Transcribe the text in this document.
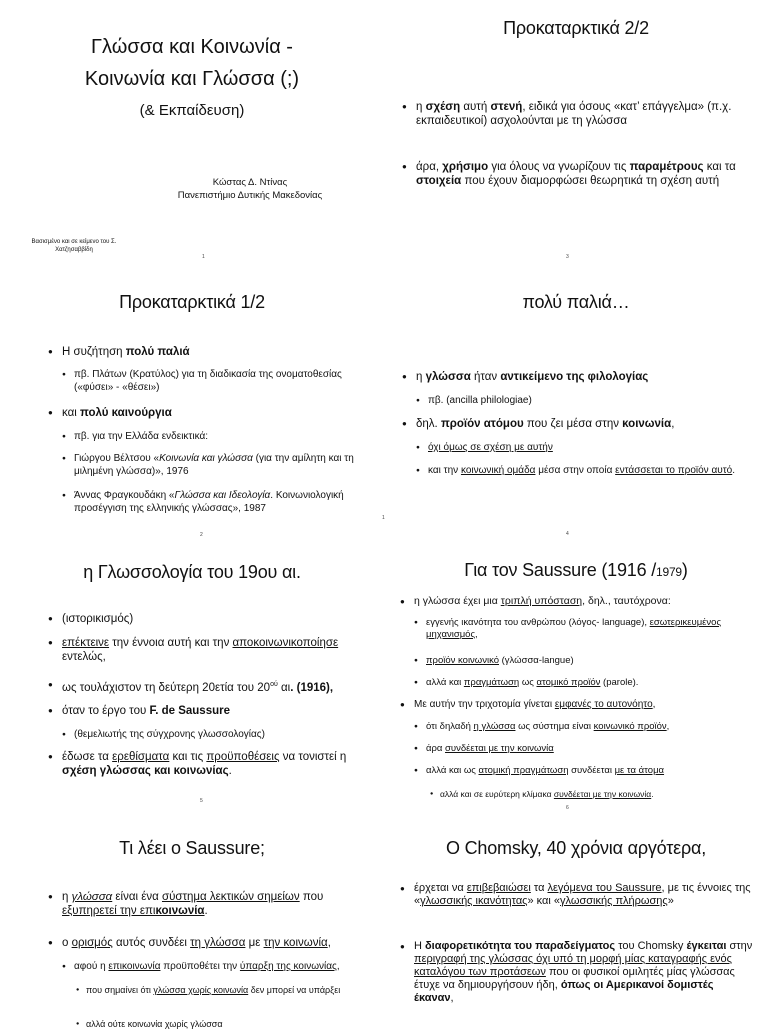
Γλώσσα και Κοινωνία -
Κοινωνία και Γλώσσα (;)
(& Εκπαίδευση)
Κώστας Δ. Ντίνας
Πανεπιστήμιο Δυτικής Μακεδονίας
Βασισμένο και σε κείμενο του Σ.
Χατζησαββίδη
1
Προκαταρκτικά 2/2
● η σχέση αυτή στενή, ειδικά για όσους «κατ’ επάγγελμα» (π.χ. εκπαιδευτικοί) ασχολούνται με τη γλώσσα
● άρα, χρήσιμο για όλους να γνωρίζουν τις παραμέτρους και τα στοιχεία που έχουν διαμορφώσει θεωρητικά τη σχέση αυτή
3
Προκαταρκτικά 1/2
● Η συζήτηση πολύ παλιά
● πβ. Πλάτων (Κρατύλος) για τη διαδικασία της ονοματοθεσίας («φύσει» - «θέσει»)
● και πολύ καινούργια
● πβ. για την Ελλάδα ενδεικτικά:
● Γιώργου Βέλτσου «Κοινωνία και γλώσσα (για την αμίλητη και τη μιλημένη γλώσσα)», 1976
● Άννας Φραγκουδάκη «Γλώσσα και Ιδεολογία. Κοινωνιολογική προσέγγιση της ελληνικής γλώσσας», 1987
1
2
πολύ παλιά…
● η γλώσσα ήταν αντικείμενο της φιλολογίας
● πβ. (ancilla philologiae)
● δηλ. προϊόν ατόμου που ζει μέσα στην κοινωνία,
● όχι όμως σε σχέση με αυτήν
● και την κοινωνική ομάδα μέσα στην οποία εντάσσεται το προϊόν αυτό.
4
η Γλωσσολογία του 19ου αι.
● (ιστορικισμός)
● επέκτεινε την έννοια αυτή και την αποκοινωνικοποίησε εντελώς,
● ως τουλάχιστον τη δεύτερη 20ετία του $20^{oύ}$ αι. (1916),
● όταν το έργο του F. de Saussure
● (θεμελιωτής της σύγχρονης γλωσσολογίας)
● έδωσε τα ερεθίσματα και τις προϋποθέσεις να τονιστεί η σχέση γλώσσας και κοινωνίας.
5
Για τον Saussure (1916 /1979)
● η γλώσσα έχει μια τριπλή υπόσταση, δηλ., ταυτόχρονα:
● εγγενής ικανότητα του ανθρώπου (λόγος- language), εσωτερικευμένος μηχανισμός,
● προϊόν κοινωνικό (γλώσσα-langue)
● αλλά και πραγμάτωση ως ατομικό προϊόν (parole).
● Με αυτήν την τριχοτομία γίνεται εμφανές το αυτονόητο,
● ότι δηλαδή η γλώσσα ως σύστημα είναι κοινωνικό προϊόν,
● άρα συνδέεται με την κοινωνία
● αλλά και ως ατομική πραγμάτωση συνδέεται με τα άτομα
● αλλά και σε ευρύτερη κλίμακα συνδέεται με την κοινωνία.
6
Τι λέει ο Saussure;
● η γλώσσα είναι ένα σύστημα λεκτικών σημείων που εξυπηρετεί την επικοινωνία.
● ο ορισμός αυτός συνδέει τη γλώσσα με την κοινωνία,
● αφού η επικοινωνία προϋποθέτει την ύπαρξη της κοινωνίας,
● που σημαίνει ότι γλώσσα χωρίς κοινωνία δεν μπορεί να υπάρξει
● αλλά ούτε κοινωνία χωρίς γλώσσα
Ο Chomsky, 40 χρόνια αργότερα,
● έρχεται να επιβεβαιώσει τα λεγόμενα του Saussure, με τις έννοιες της «γλωσσικής ικανότητας» και «γλωσσικής πλήρωσης»
● Η διαφορετικότητα του παραδείγματος του Chomsky έγκειται στην περιγραφή της γλώσσας όχι υπό τη μορφή μίας καταγραφής ενός καταλόγου των προτάσεων που οι φυσικοί ομιλητές μίας γλώσσας έτυχε να δημιουργήσουν ήδη, όπως οι Αμερικανοί δομιστές έκαναν,
